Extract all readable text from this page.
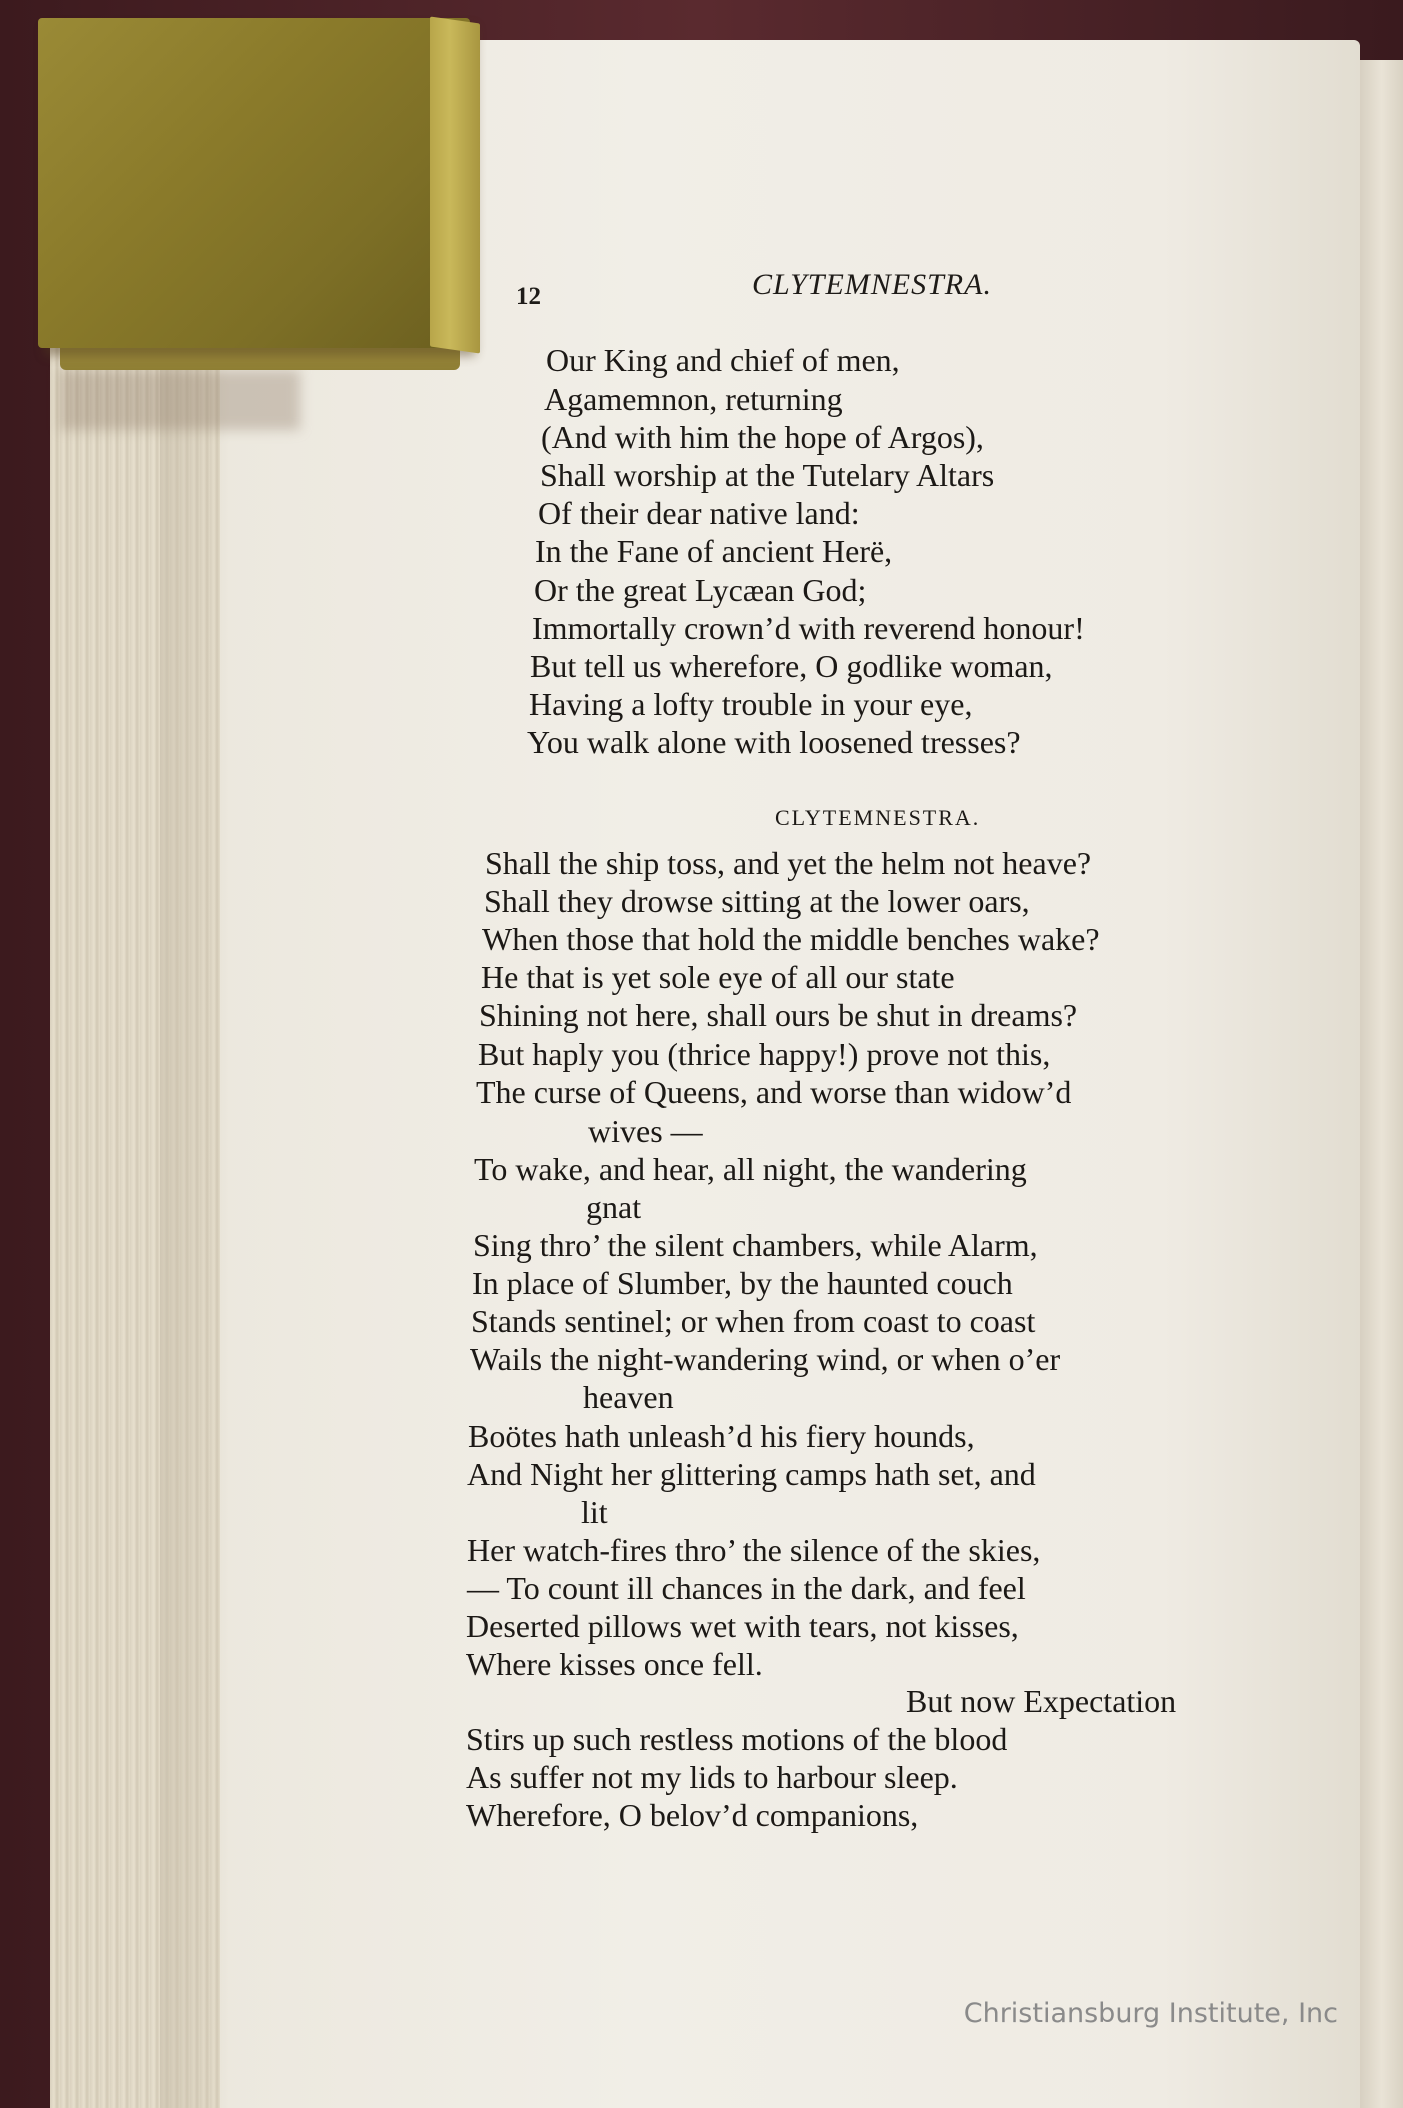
12	CLYTEMNESTRA.
Our King and chief of men,
Agamemnon, returning
(And with him the hope of Argos),
Shall worship at the Tutelary Altars
Of their dear native land:
In the Fane of ancient Herë,
Or the great Lycæan God;
Immortally crown’d with reverend honour!
But tell us wherefore, O godlike woman,
Having a lofty trouble in your eye,
You walk alone with loosened tresses?
CLYTEMNESTRA.
Shall the ship toss, and yet the helm not heave?
Shall they drowse sitting at the lower oars,
When those that hold the middle benches wake?
He that is yet sole eye of all our state
Shining not here, shall ours be shut in dreams?
But haply you (thrice happy!) prove not this,
The curse of Queens, and worse than widow’d
wives —
To wake, and hear, all night, the wandering
gnat
Sing thro’ the silent chambers, while Alarm,
In place of Slumber, by the haunted couch
Stands sentinel; or when from coast to coast
Wails the night-wandering wind, or when o’er
heaven
Boötes hath unleash’d his fiery hounds,
And Night her glittering camps hath set, and
lit
Her watch-fires thro’ the silence of the skies,
— To count ill chances in the dark, and feel
Deserted pillows wet with tears, not kisses,
Where kisses once fell.
But now Expectation
Stirs up such restless motions of the blood
As suffer not my lids to harbour sleep.
Wherefore, O belov’d companions,
Christiansburg Institute, Inc
